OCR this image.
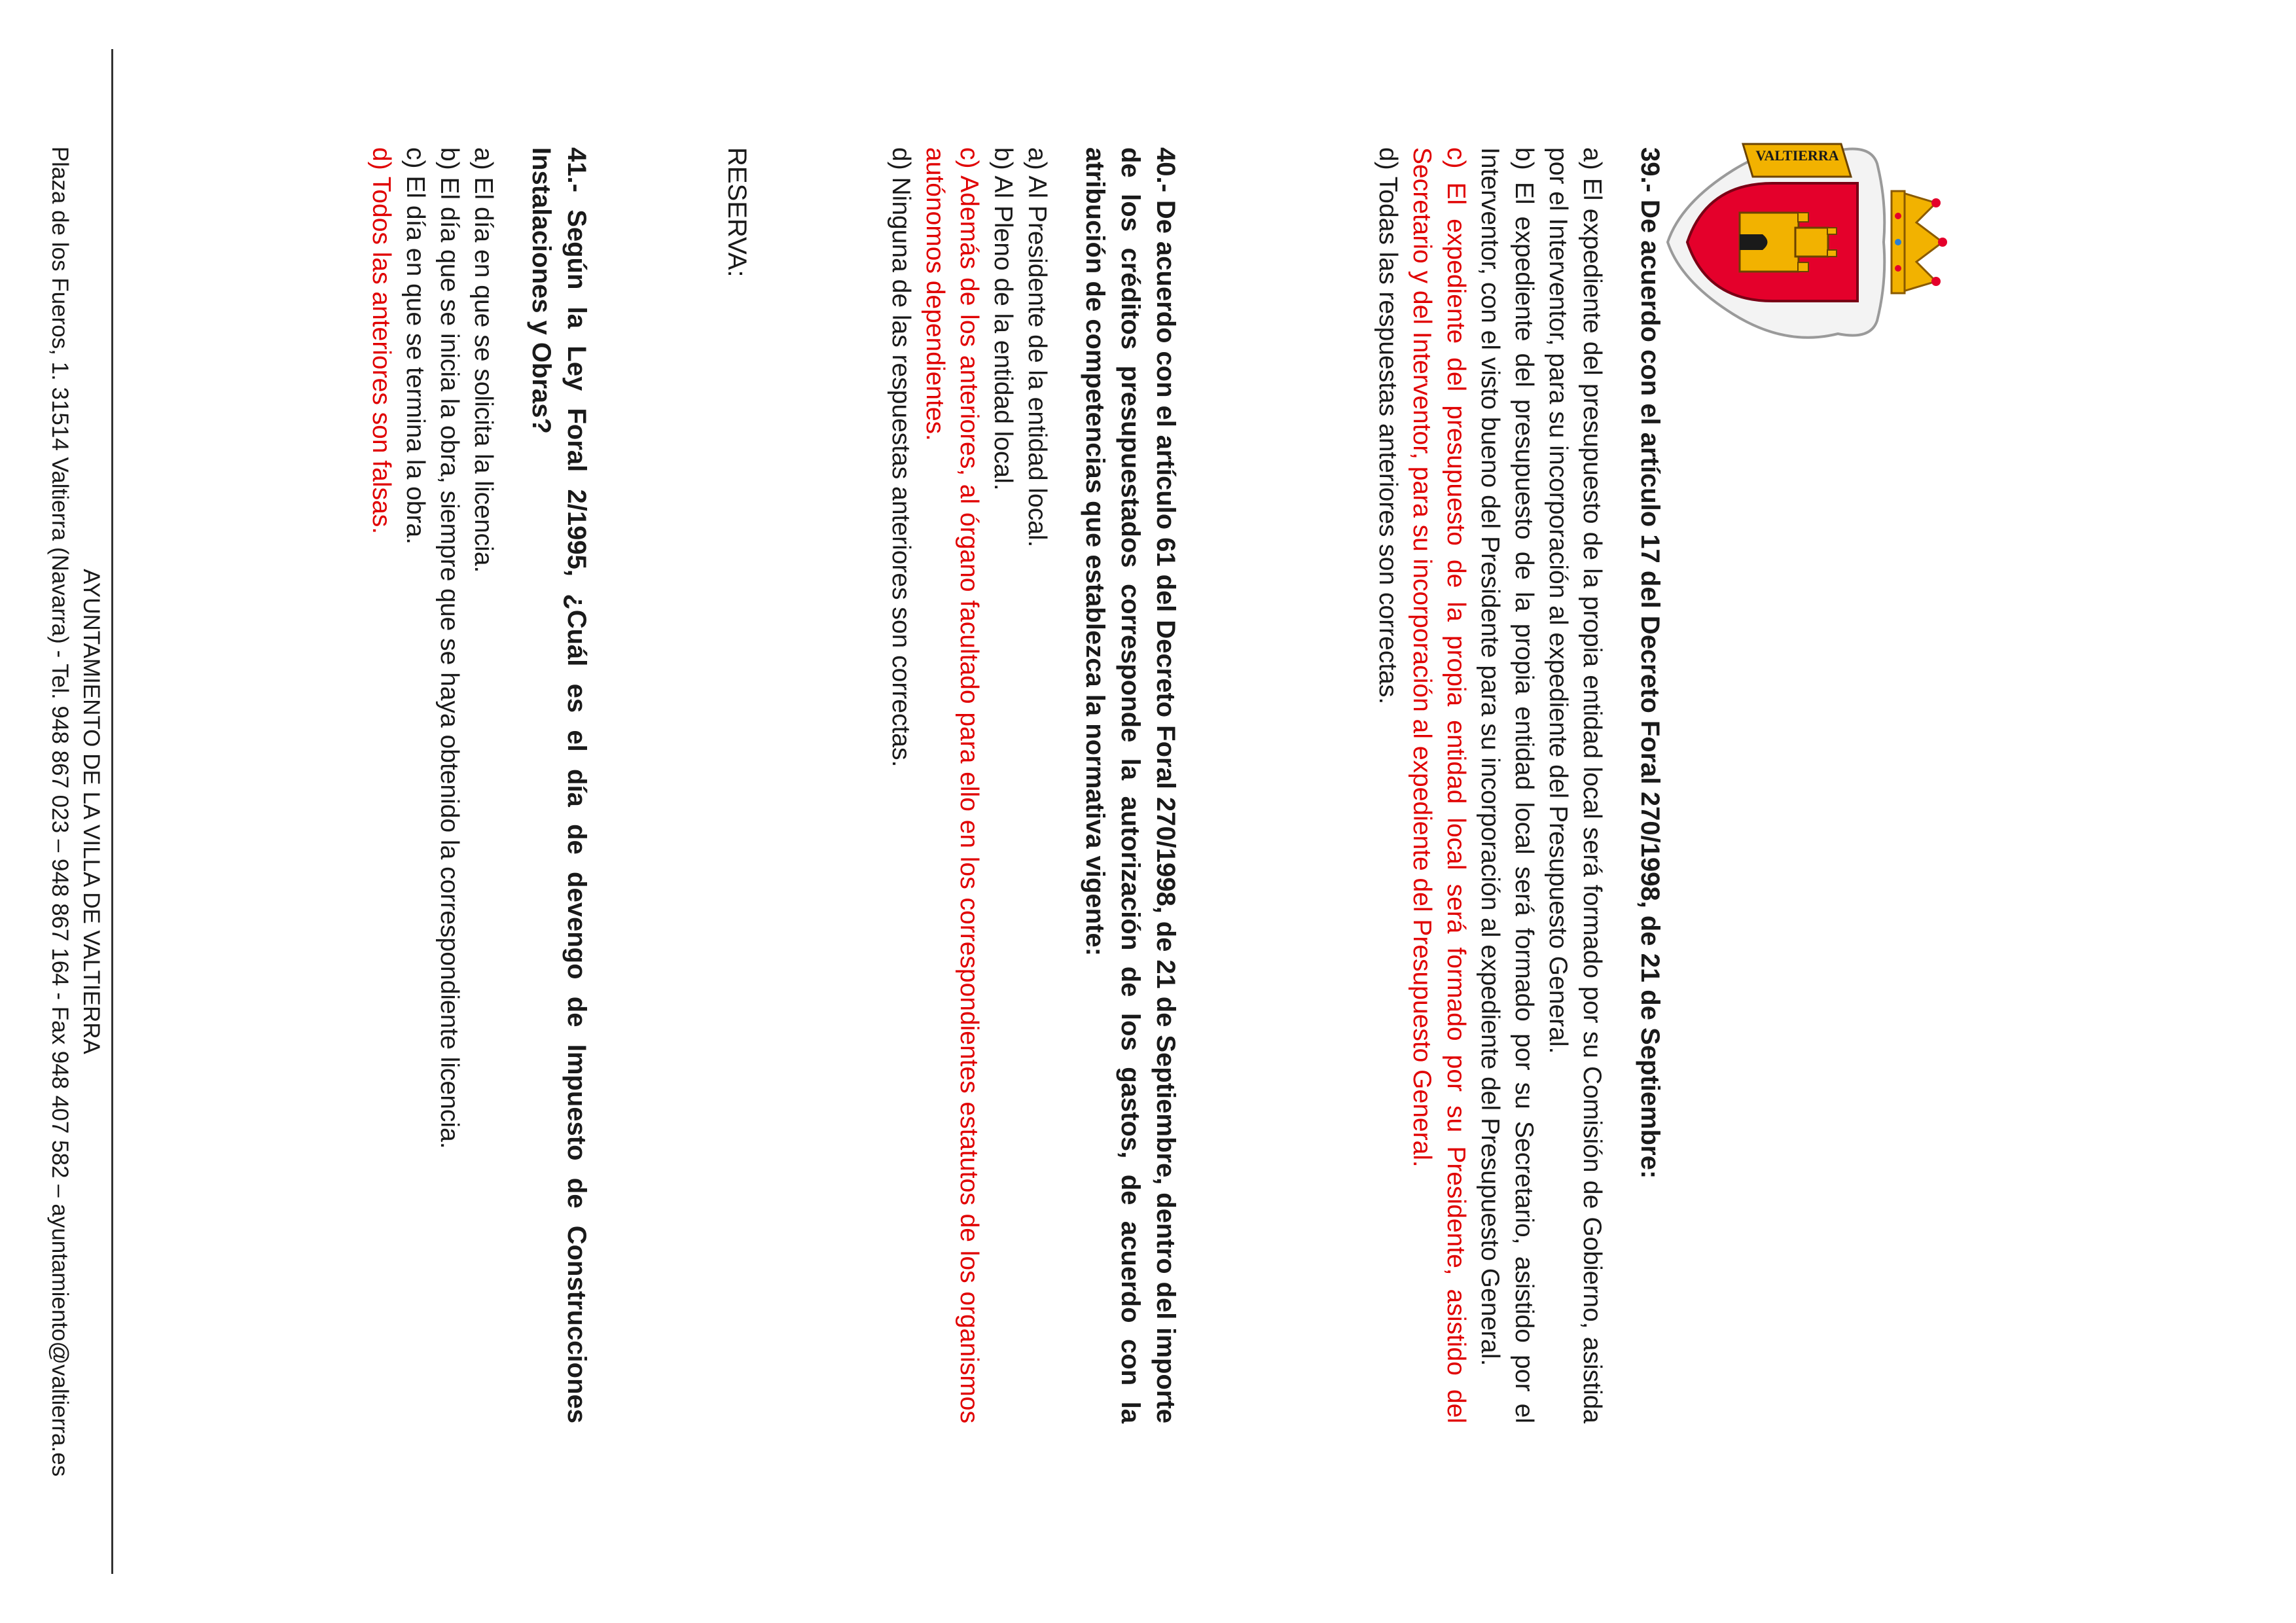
VALTIERRA

39.- De acuerdo con el artículo 17 del Decreto Foral 270/1998, de 21 de Septiembre:

a) El expediente del presupuesto de la propia entidad local será formado por su Comisión de Gobierno, asistida por el Interventor, para su incorporación al expediente del Presupuesto General.

b) El expediente del presupuesto de la propia entidad local será formado por su Secretario, asistido por el Interventor, con el visto bueno del Presidente para su incorporación al expediente del Presupuesto General.

c) El expediente del presupuesto de la propia entidad local será formado por su Presidente, asistido del Secretario y del Interventor, para su incorporación al expediente del Presupuesto General.

d) Todas las respuestas anteriores son correctas.

40.- De acuerdo con el artículo 61 del Decreto Foral 270/1998, de 21 de Septiembre, dentro del importe de los créditos presupuestados corresponde la autorización de los gastos, de acuerdo con la atribución de competencias que establezca la normativa vigente:

a) Al Presidente de la entidad local.

b) Al Pleno de la entidad local.

c) Además de los anteriores, al órgano facultado para ello en los correspondientes estatutos de los organismos autónomos dependientes.

d) Ninguna de las respuestas anteriores son correctas.

RESERVA:

41.- Según la Ley Foral 2/1995, ¿Cuál es el día de devengo de Impuesto de Construcciones Instalaciones y Obras?

a) El día en que se solicita la licencia.

b) El día que se inicia la obra, siempre que se haya obtenido la correspondiente licencia.

c) El día en que se termina la obra.

d) Todos las anteriores son falsas.

AYUNTAMIENTO DE LA VILLA DE VALTIERRA

Plaza de los Fueros, 1. 31514 Valtierra (Navarra) - Tel. 948 867 023 – 948 867 164 - Fax 948 407 582 – ayuntamiento@valtierra.es
